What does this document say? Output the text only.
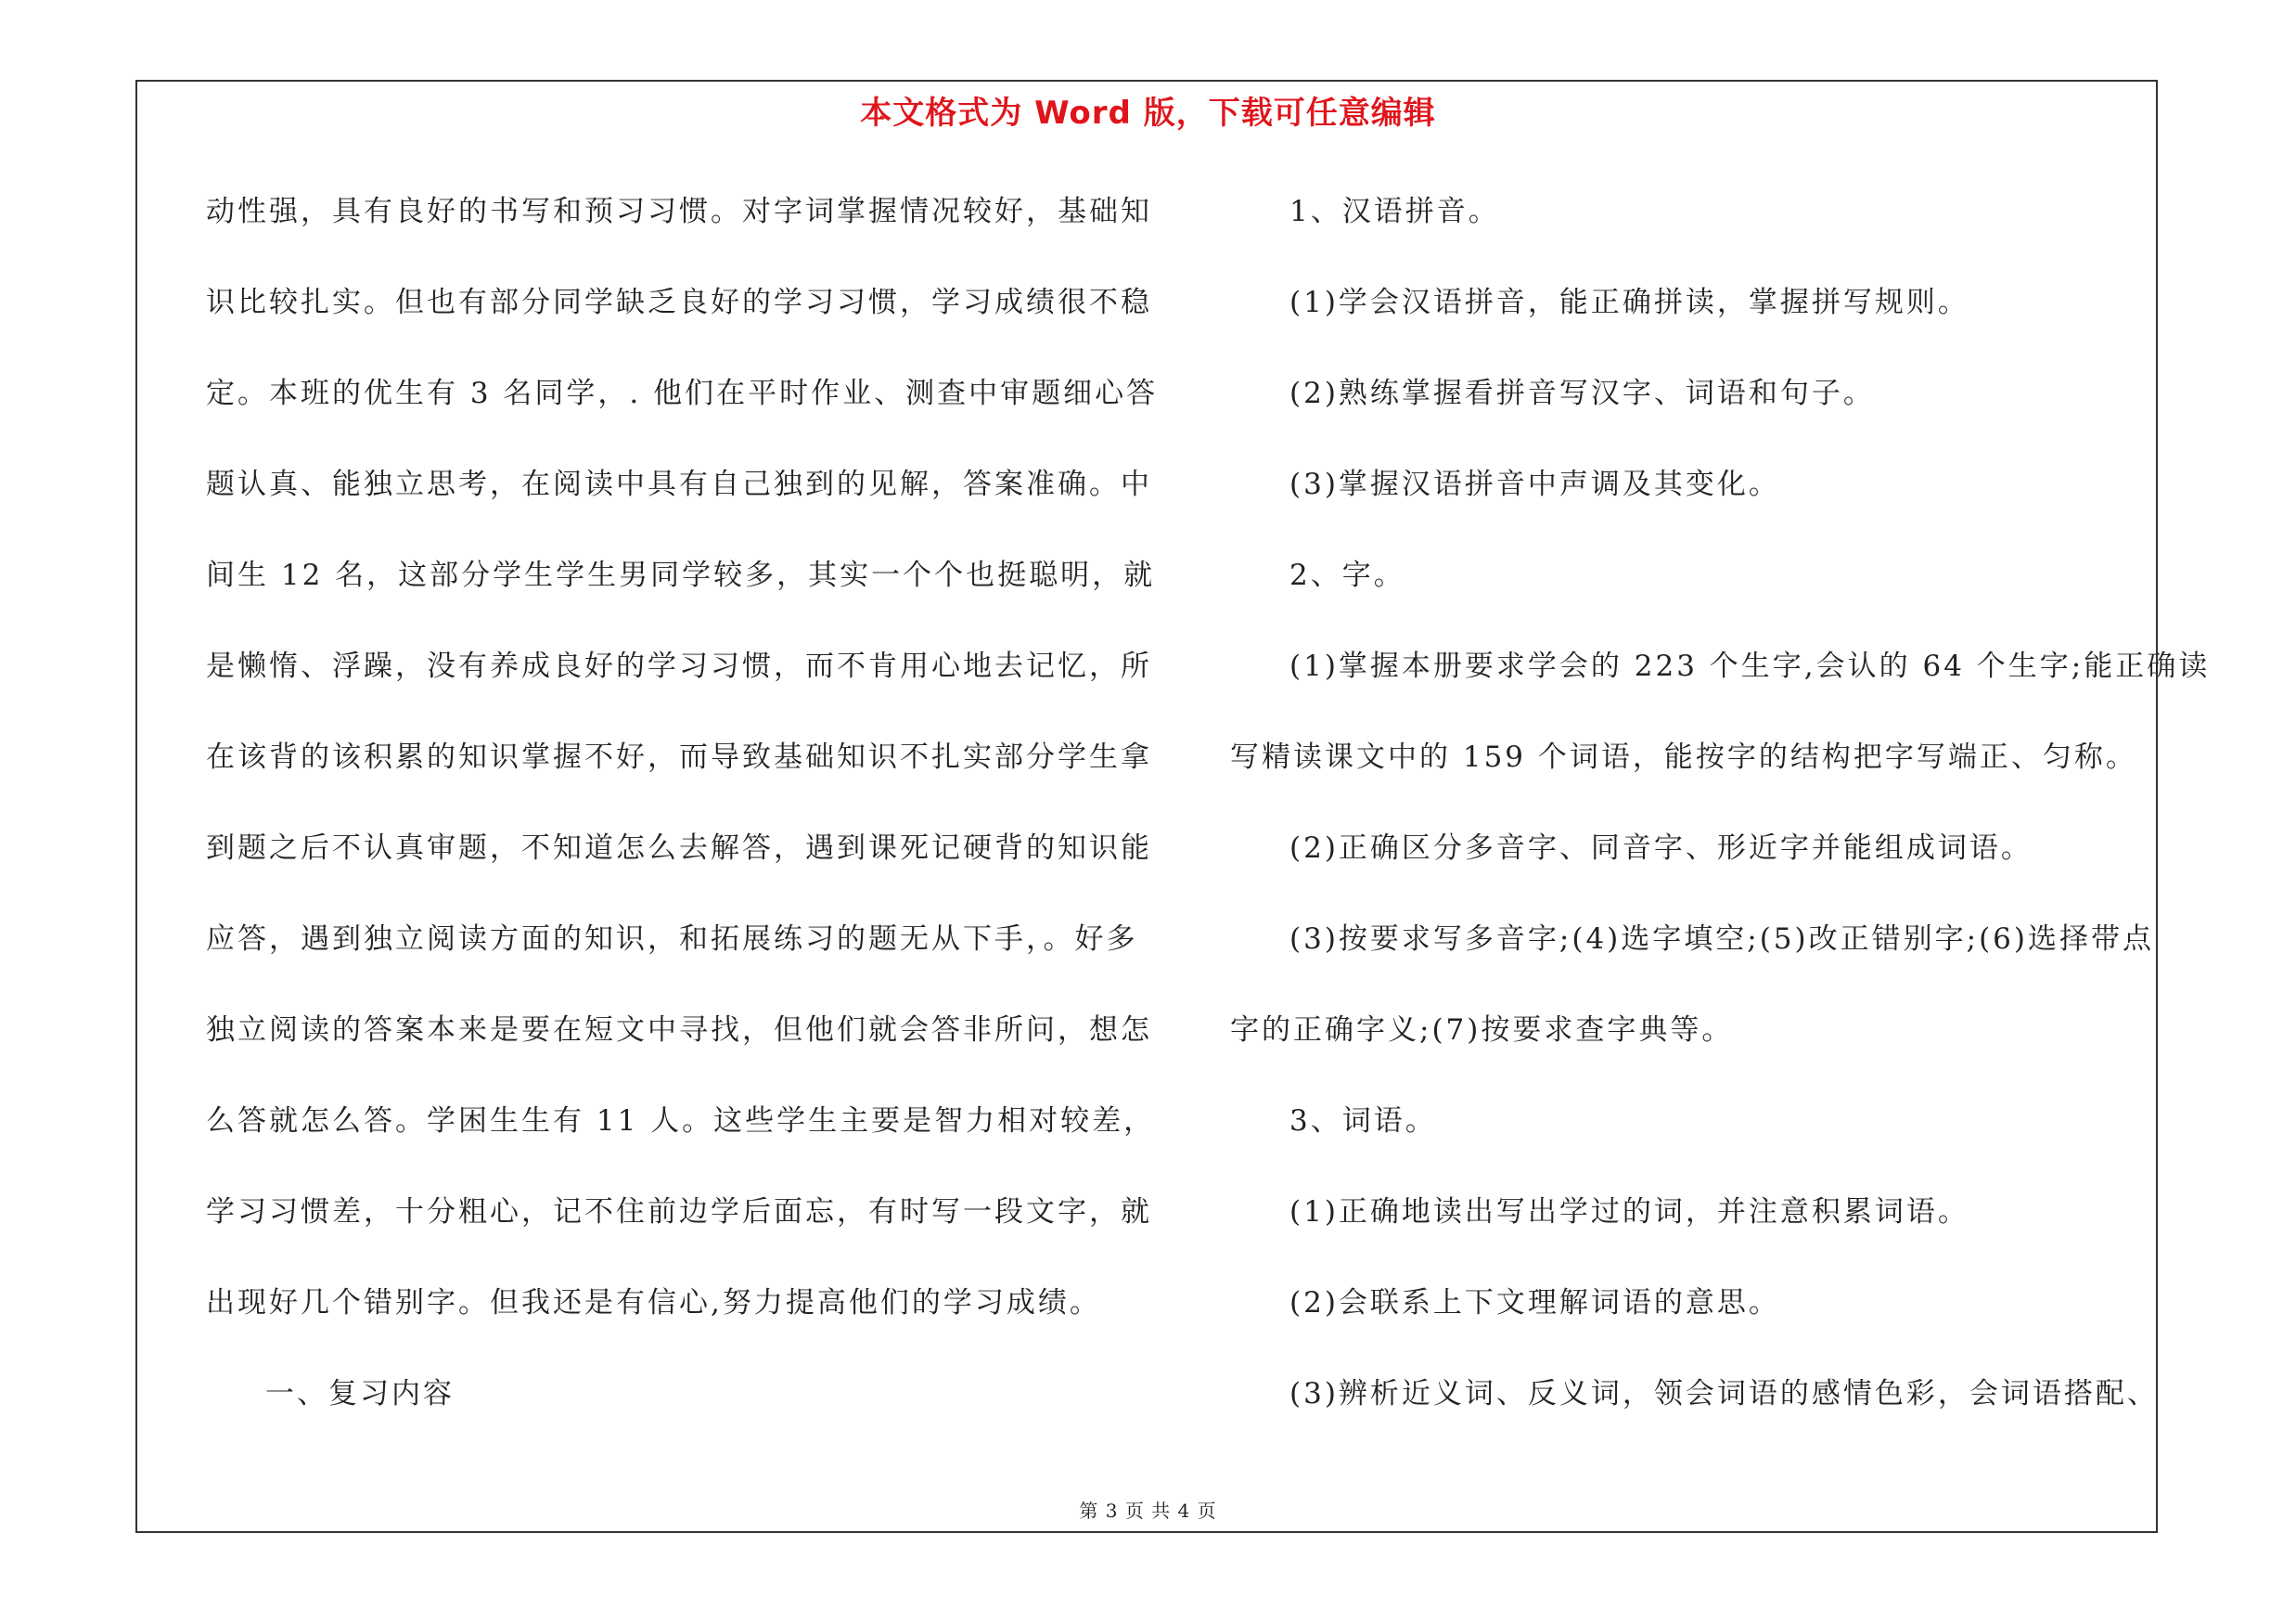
本文格式为 Word 版，下载可任意编辑
动性强，具有良好的书写和预习习惯。对字词掌握情况较好，基础知
识比较扎实。但也有部分同学缺乏良好的学习习惯，学习成绩很不稳
定。本班的优生有 3 名同学，. 他们在平时作业、测查中审题细心答
题认真、能独立思考，在阅读中具有自己独到的见解，答案准确。中
间生 12 名，这部分学生学生男同学较多，其实一个个也挺聪明，就
是懒惰、浮躁，没有养成良好的学习习惯，而不肯用心地去记忆，所
在该背的该积累的知识掌握不好，而导致基础知识不扎实部分学生拿
到题之后不认真审题，不知道怎么去解答，遇到课死记硬背的知识能
应答，遇到独立阅读方面的知识，和拓展练习的题无从下手，。好多
独立阅读的答案本来是要在短文中寻找，但他们就会答非所问，想怎
么答就怎么答。学困生生有 11 人。这些学生主要是智力相对较差，
学习习惯差，十分粗心，记不住前边学后面忘，有时写一段文字，就
出现好几个错别字。但我还是有信心,努力提高他们的学习成绩。
一、复习内容
1、汉语拼音。
(1)学会汉语拼音，能正确拼读，掌握拼写规则。
(2)熟练掌握看拼音写汉字、词语和句子。
(3)掌握汉语拼音中声调及其变化。
2、字。
(1)掌握本册要求学会的 223 个生字,会认的 64 个生字;能正确读
写精读课文中的 159 个词语，能按字的结构把字写端正、匀称。
(2)正确区分多音字、同音字、形近字并能组成词语。
(3)按要求写多音字;(4)选字填空;(5)改正错别字;(6)选择带点
字的正确字义;(7)按要求查字典等。
3、词语。
(1)正确地读出写出学过的词，并注意积累词语。
(2)会联系上下文理解词语的意思。
(3)辨析近义词、反义词，领会词语的感情色彩，会词语搭配、
第 3 页 共 4 页
